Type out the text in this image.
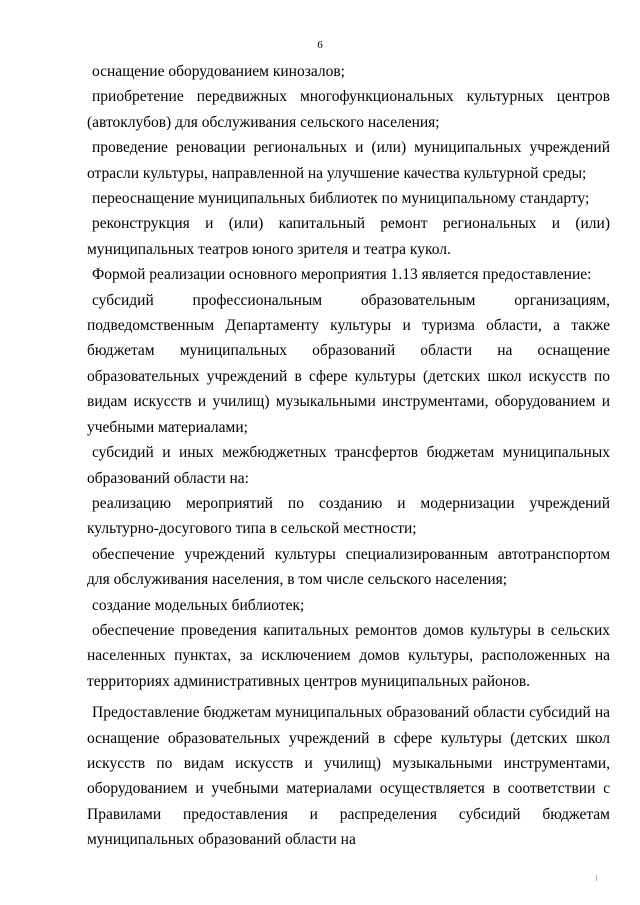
6

оснащение оборудованием кинозалов;

приобретение передвижных многофункциональных культурных центров (автоклубов) для обслуживания сельского населения;

проведение реновации региональных и (или) муниципальных учреждений отрасли культуры, направленной на улучшение качества культурной среды;

переоснащение муниципальных библиотек по муниципальному стандарту;

реконструкция и (или) капитальный ремонт региональных и (или) муниципальных театров юного зрителя и театра кукол.

Формой реализации основного мероприятия 1.13 является предоставление:

субсидий профессиональным образовательным организациям, подведомственным Департаменту культуры и туризма области, а также бюджетам муниципальных образований области на оснащение образовательных учреждений в сфере культуры (детских школ искусств по видам искусств и училищ) музыкальными инструментами, оборудованием и учебными материалами;

субсидий и иных межбюджетных трансфертов бюджетам муниципальных образований области на:

реализацию мероприятий по созданию и модернизации учреждений культурно-досугового типа в сельской местности;

обеспечение учреждений культуры специализированным автотранспортом для обслуживания населения, в том числе сельского населения;

создание модельных библиотек;

обеспечение проведения капитальных ремонтов домов культуры в сельских населенных пунктах, за исключением домов культуры, расположенных на территориях административных центров муниципальных районов.

Предоставление бюджетам муниципальных образований области субсидий на оснащение образовательных учреждений в сфере культуры (детских школ искусств по видам искусств и училищ) музыкальными инструментами, оборудованием и учебными материалами осуществляется в соответствии с Правилами предоставления и распределения субсидий бюджетам муниципальных образований области на
